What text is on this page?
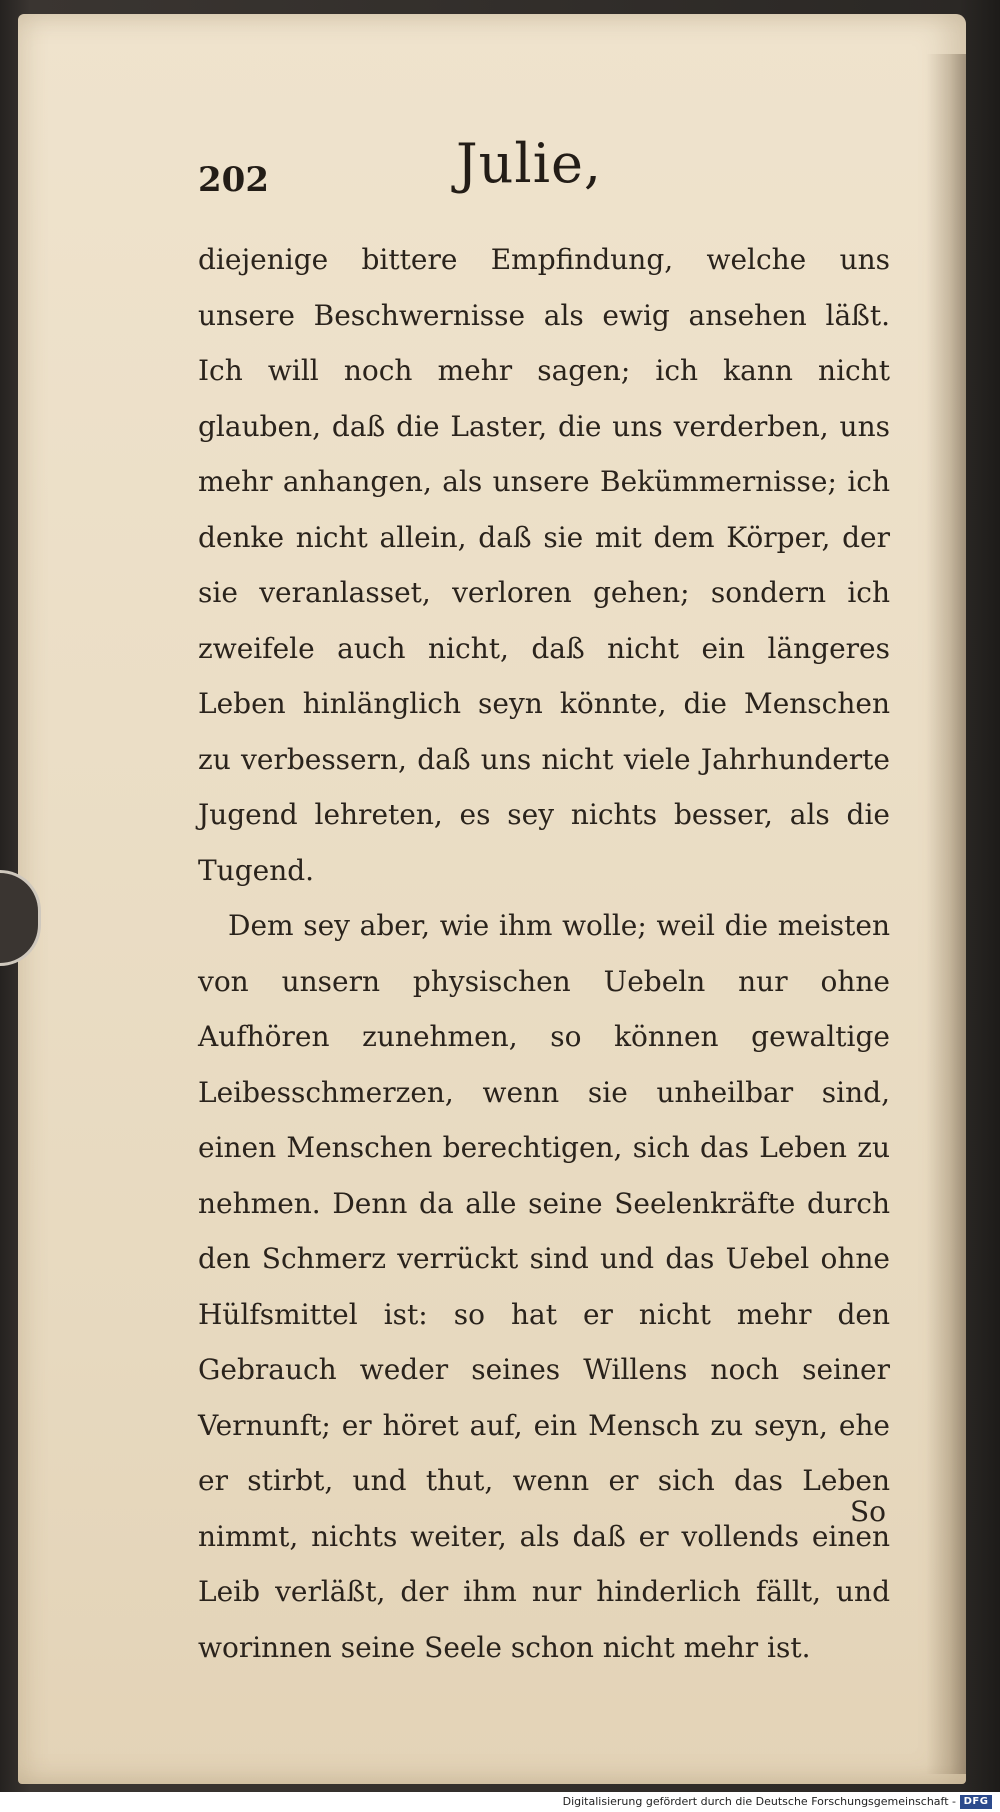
202	Julie,

diejenige bittere Empfindung, welche uns unsere Beschwernisse als ewig ansehen läßt. Ich will noch mehr sagen; ich kann nicht glauben, daß die Laster, die uns verderben, uns mehr anhangen, als unsere Bekümmernisse; ich denke nicht allein, daß sie mit dem Körper, der sie veranlasset, verloren gehen; sondern ich zweifele auch nicht, daß nicht ein längeres Leben hinlänglich seyn könnte, die Menschen zu verbessern, daß uns nicht viele Jahrhunderte Jugend lehreten, es sey nichts besser, als die Tugend.

Dem sey aber, wie ihm wolle; weil die meisten von unsern physischen Uebeln nur ohne Aufhören zunehmen, so können gewaltige Leibesschmerzen, wenn sie unheilbar sind, einen Menschen berechtigen, sich das Leben zu nehmen. Denn da alle seine Seelenkräfte durch den Schmerz verrückt sind und das Uebel ohne Hülfsmittel ist: so hat er nicht mehr den Gebrauch weder seines Willens noch seiner Vernunft; er höret auf, ein Mensch zu seyn, ehe er stirbt, und thut, wenn er sich das Leben nimmt, nichts weiter, als daß er vollends einen Leib verläßt, der ihm nur hinderlich fällt, und worinnen seine Seele schon nicht mehr ist.

So
Digitalisierung gefördert durch die Deutsche Forschungsgemeinschaft - DFG
